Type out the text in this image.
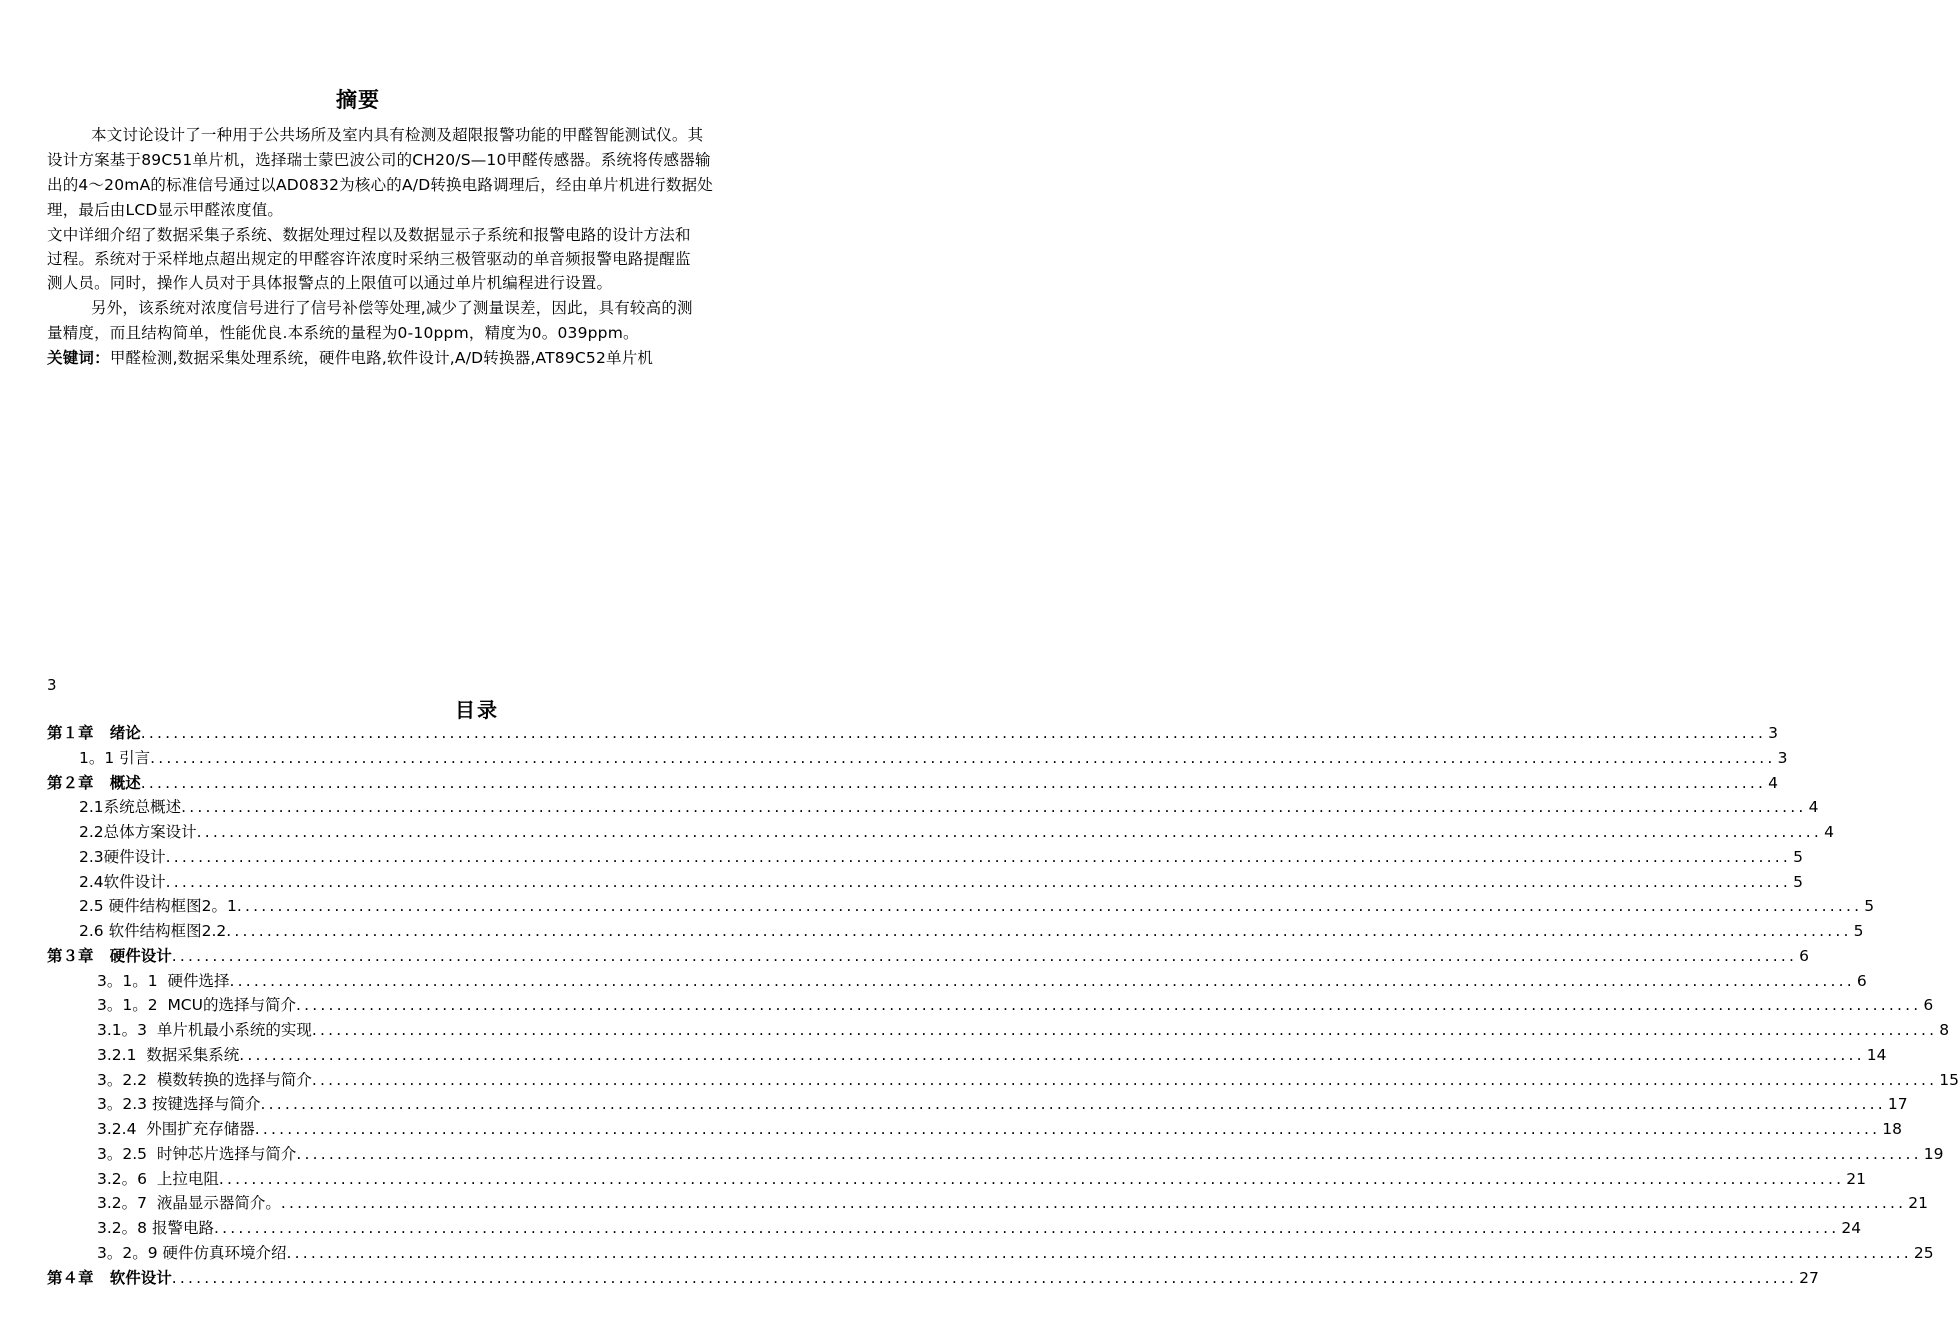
摘要
本文讨论设计了一种用于公共场所及室内具有检测及超限报警功能的甲醛智能测试仪。其
设计方案基于89C51单片机，选择瑞士蒙巴波公司的CH20/S—10甲醛传感器。系统将传感器输
出的4～20mA的标准信号通过以AD0832为核心的A/D转换电路调理后，经由单片机进行数据处
理，最后由LCD显示甲醛浓度值。
文中详细介绍了数据采集子系统、数据处理过程以及数据显示子系统和报警电路的设计方法和
过程。系统对于采样地点超出规定的甲醛容许浓度时采纳三极管驱动的单音频报警电路提醒监
测人员。同时，操作人员对于具体报警点的上限值可以通过单片机编程进行设置。
另外，该系统对浓度信号进行了信号补偿等处理,减少了测量误差，因此，具有较高的测
量精度，而且结构简单，性能优良.本系统的量程为0-10ppm，精度为0。039ppm。
关键词：甲醛检测,数据采集处理系统，硬件电路,软件设计,A/D转换器,AT89C52单片机
3
目录
第１章   绪论 ........................................................................................................................................................................................................ 3
1。1 引言 ........................................................................................................................................................................................................ 3
第２章   概述 ........................................................................................................................................................................................................ 4
2.1系统总概述 ........................................................................................................................................................................................................ 4
2.2总体方案设计 ........................................................................................................................................................................................................ 4
2.3硬件设计 ........................................................................................................................................................................................................ 5
2.4软件设计 ........................................................................................................................................................................................................ 5
2.5 硬件结构框图2。1 ........................................................................................................................................................................................................ 5
2.6 软件结构框图2.2 ........................................................................................................................................................................................................ 5
第３章   硬件设计 ........................................................................................................................................................................................................ 6
3。1。1  硬件选择 ........................................................................................................................................................................................................ 6
3。1。2  MCU的选择与简介 ........................................................................................................................................................................................................ 6
3.1。3  单片机最小系统的实现 ........................................................................................................................................................................................................ 8
3.2.1  数据采集系统 ........................................................................................................................................................................................................ 14
3。2.2  模数转换的选择与简介 ........................................................................................................................................................................................................ 15
3。2.3 按键选择与简介 ........................................................................................................................................................................................................ 17
3.2.4  外围扩充存储器 ........................................................................................................................................................................................................ 18
3。2.5  时钟芯片选择与简介 ........................................................................................................................................................................................................ 19
3.2。6  上拉电阻 ........................................................................................................................................................................................................ 21
3.2。7  液晶显示器简介。 ........................................................................................................................................................................................................ 21
3.2。8 报警电路 ........................................................................................................................................................................................................ 24
3。2。9 硬件仿真环境介绍 ........................................................................................................................................................................................................ 25
第４章   软件设计 ........................................................................................................................................................................................................ 27
